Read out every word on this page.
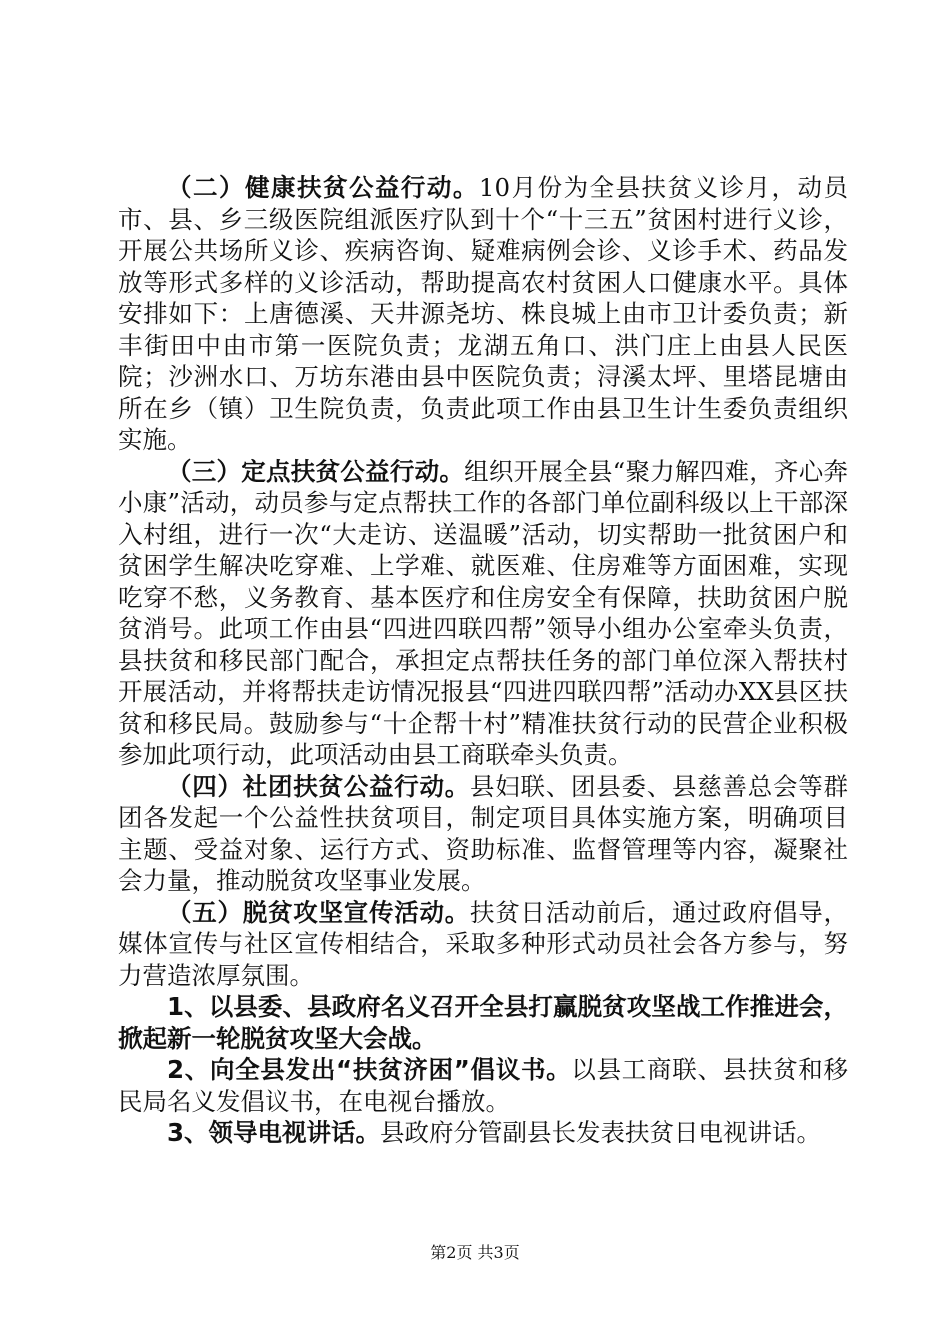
（二）健康扶贫公益行动。10月份为全县扶贫义诊月，动员市、县、乡三级医院组派医疗队到十个“十三五”贫困村进行义诊，开展公共场所义诊、疾病咨询、疑难病例会诊、义诊手术、药品发放等形式多样的义诊活动，帮助提高农村贫困人口健康水平。具体安排如下：上唐德溪、天井源尧坊、株良城上由市卫计委负责；新丰街田中由市第一医院负责；龙湖五角口、洪门庄上由县人民医院；沙洲水口、万坊东港由县中医院负责；浔溪太坪、里塔昆塘由所在乡（镇）卫生院负责，负责此项工作由县卫生计生委负责组织实施。

（三）定点扶贫公益行动。组织开展全县“聚力解四难，齐心奔小康”活动，动员参与定点帮扶工作的各部门单位副科级以上干部深入村组，进行一次“大走访、送温暖”活动，切实帮助一批贫困户和贫困学生解决吃穿难、上学难、就医难、住房难等方面困难，实现吃穿不愁，义务教育、基本医疗和住房安全有保障，扶助贫困户脱贫消号。此项工作由县“四进四联四帮”领导小组办公室牵头负责，县扶贫和移民部门配合，承担定点帮扶任务的部门单位深入帮扶村开展活动，并将帮扶走访情况报县“四进四联四帮”活动办XX县区扶贫和移民局。鼓励参与“十企帮十村”精准扶贫行动的民营企业积极参加此项行动，此项活动由县工商联牵头负责。

（四）社团扶贫公益行动。县妇联、团县委、县慈善总会等群团各发起一个公益性扶贫项目，制定项目具体实施方案，明确项目主题、受益对象、运行方式、资助标准、监督管理等内容，凝聚社会力量，推动脱贫攻坚事业发展。

（五）脱贫攻坚宣传活动。扶贫日活动前后，通过政府倡导，媒体宣传与社区宣传相结合，采取多种形式动员社会各方参与，努力营造浓厚氛围。

1、以县委、县政府名义召开全县打赢脱贫攻坚战工作推进会，掀起新一轮脱贫攻坚大会战。

2、向全县发出“扶贫济困”倡议书。以县工商联、县扶贫和移民局名义发倡议书，在电视台播放。

3、领导电视讲话。县政府分管副县长发表扶贫日电视讲话。

第2页 共3页
